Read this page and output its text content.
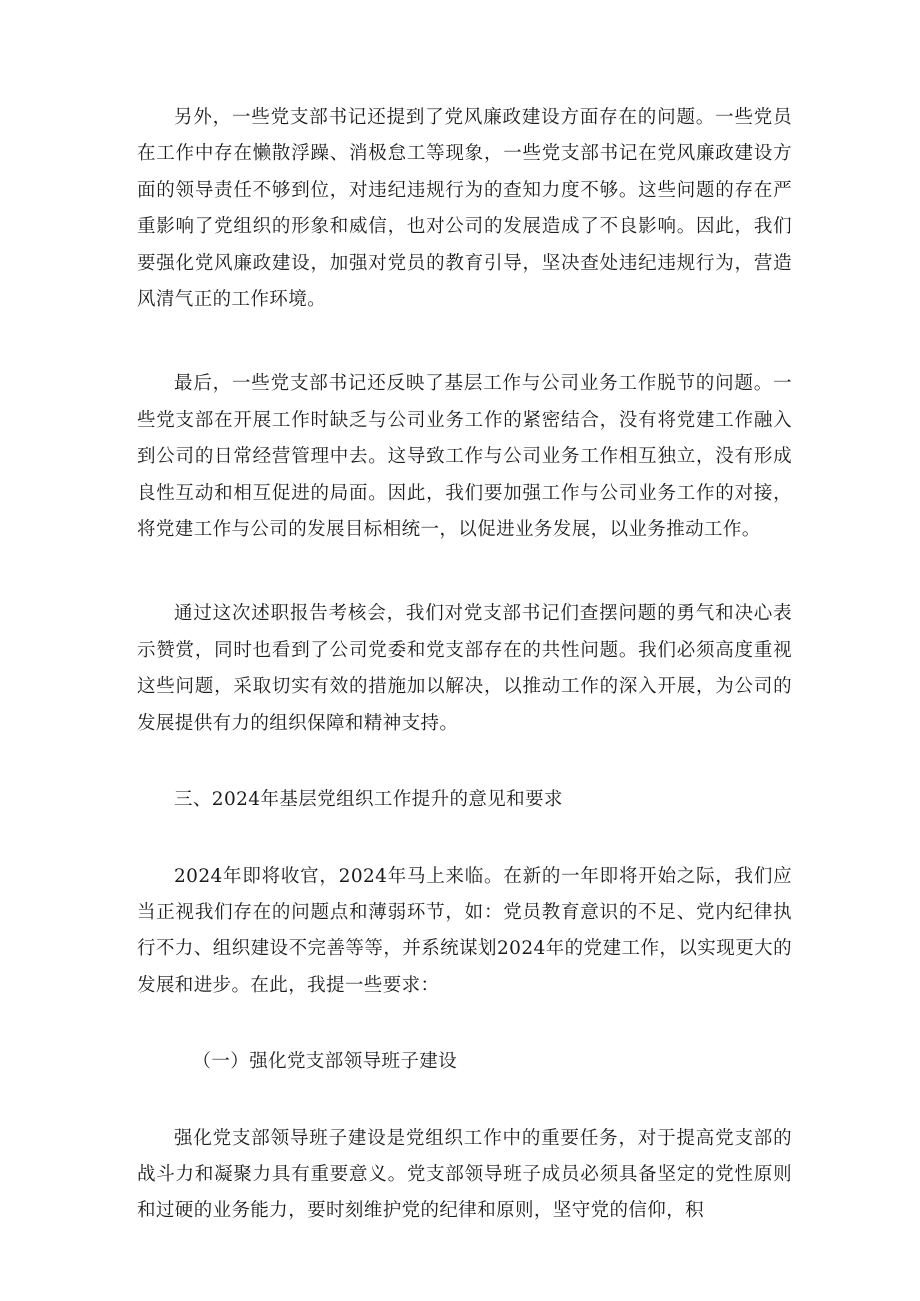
另外，一些党支部书记还提到了党风廉政建设方面存在的问题。一些党员在工作中存在懒散浮躁、消极怠工等现象，一些党支部书记在党风廉政建设方面的领导责任不够到位，对违纪违规行为的查知力度不够。这些问题的存在严重影响了党组织的形象和威信，也对公司的发展造成了不良影响。因此，我们要强化党风廉政建设，加强对党员的教育引导，坚决查处违纪违规行为，营造风清气正的工作环境。

最后，一些党支部书记还反映了基层工作与公司业务工作脱节的问题。一些党支部在开展工作时缺乏与公司业务工作的紧密结合，没有将党建工作融入到公司的日常经营管理中去。这导致工作与公司业务工作相互独立，没有形成良性互动和相互促进的局面。因此，我们要加强工作与公司业务工作的对接，将党建工作与公司的发展目标相统一，以促进业务发展，以业务推动工作。

通过这次述职报告考核会，我们对党支部书记们查摆问题的勇气和决心表示赞赏，同时也看到了公司党委和党支部存在的共性问题。我们必须高度重视这些问题，采取切实有效的措施加以解决，以推动工作的深入开展，为公司的发展提供有力的组织保障和精神支持。

三、2024年基层党组织工作提升的意见和要求

2024年即将收官，2024年马上来临。在新的一年即将开始之际，我们应当正视我们存在的问题点和薄弱环节，如：党员教育意识的不足、党内纪律执行不力、组织建设不完善等等，并系统谋划2024年的党建工作，以实现更大的发展和进步。在此，我提一些要求：

（一）强化党支部领导班子建设

强化党支部领导班子建设是党组织工作中的重要任务，对于提高党支部的战斗力和凝聚力具有重要意义。党支部领导班子成员必须具备坚定的党性原则和过硬的业务能力，要时刻维护党的纪律和原则，坚守党的信仰，积
